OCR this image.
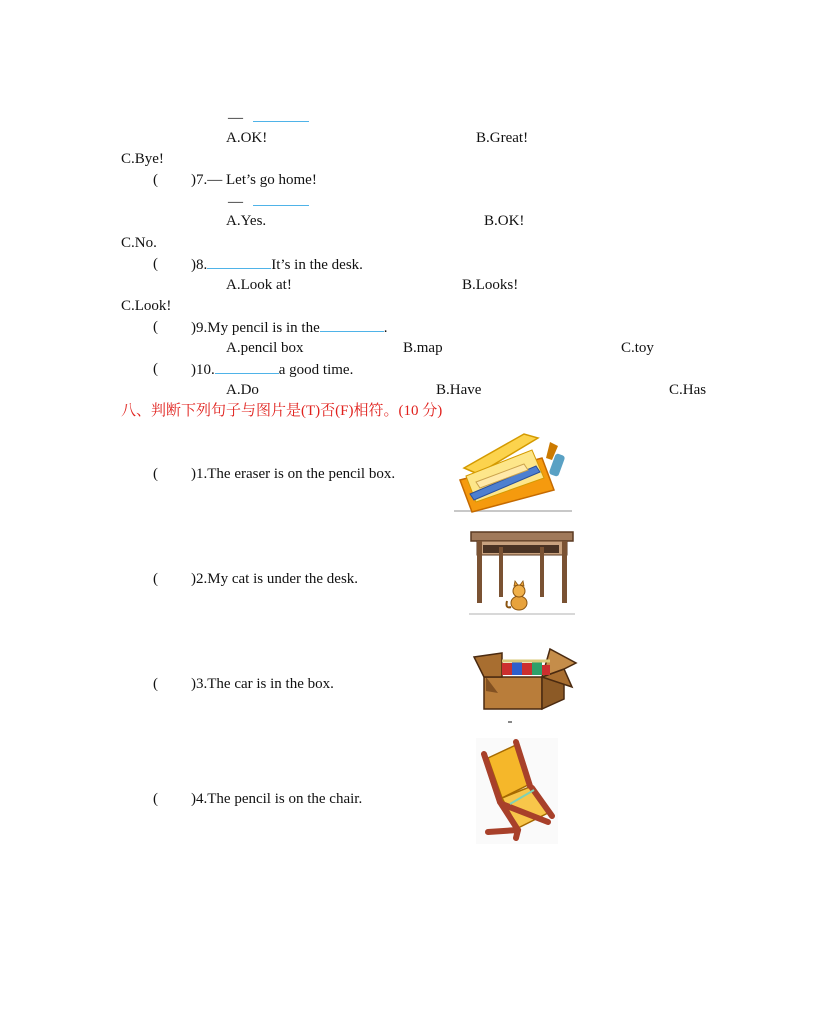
—
A.OK!	B.Great!
C.Bye!
( )7.— Let’s go home!
—
A.Yes.	B.OK!
C.No.
( )8.	It’s in the desk.
A.Look at!	B.Looks!
C.Look!
( )9.My pencil is in the	.
A.pencil box	B.map	C.toy
( )10.	a good time.
A.Do	B.Have	C.Has
八、判断下列句子与图片是(T)否(F)相符。(10 分)
( )1.The eraser is on the pencil box.
( )2.My cat is under the desk.
( )3.The car is in the box.
( )4.The pencil is on the chair.
